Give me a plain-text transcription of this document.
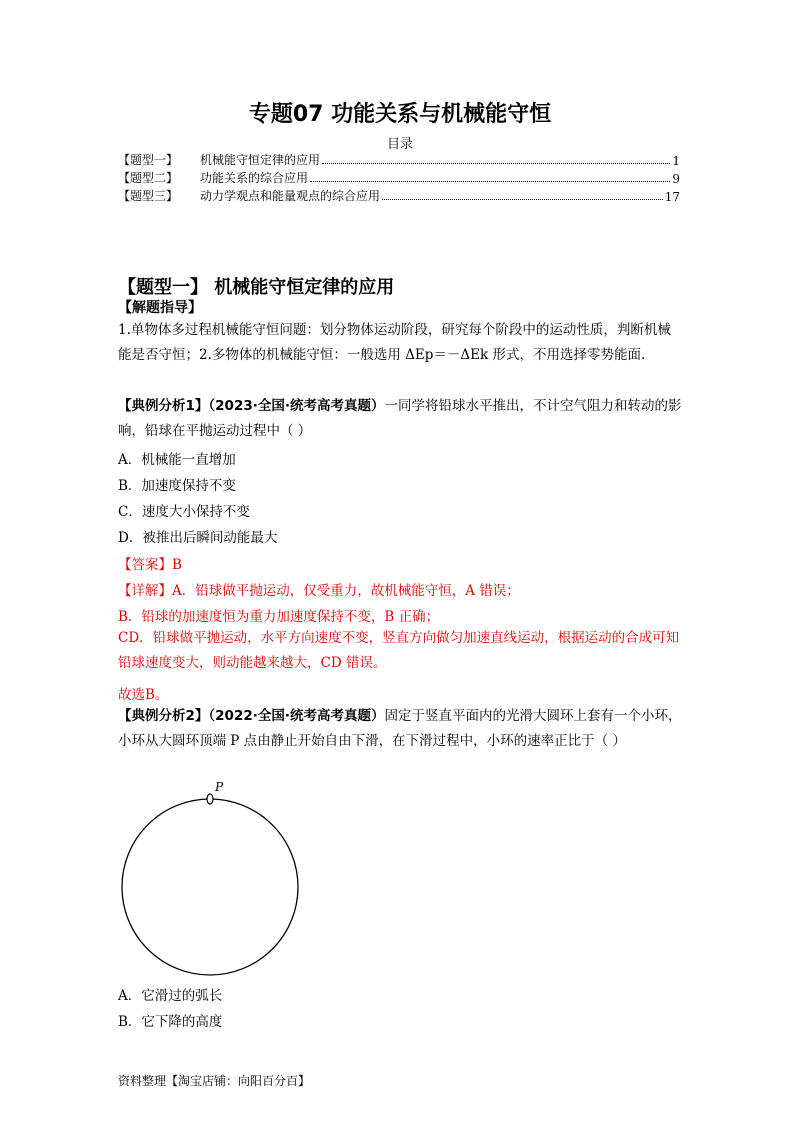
专题07 功能关系与机械能守恒
目录
【题型一】	机械能守恒定律的应用	1
【题型二】	功能关系的综合应用	9
【题型三】	动力学观点和能量观点的综合应用	17
【题型一】 机械能守恒定律的应用
【解题指导】
1.单物体多过程机械能守恒问题：划分物体运动阶段，研究每个阶段中的运动性质，判断机械能是否守恒；2.多物体的机械能守恒：一般选用 ΔEp＝－ΔEk 形式，不用选择零势能面.
【典例分析1】（2023·全国·统考高考真题）一同学将铅球水平推出，不计空气阻力和转动的影响，铅球在平抛运动过程中（ ）
A．机械能一直增加
B．加速度保持不变
C．速度大小保持不变
D．被推出后瞬间动能最大
【答案】B
【详解】A．铅球做平抛运动，仅受重力，故机械能守恒，A 错误；
B．铅球的加速度恒为重力加速度保持不变，B 正确；
CD．铅球做平抛运动，水平方向速度不变，竖直方向做匀加速直线运动，根据运动的合成可知铅球速度变大，则动能越来越大，CD 错误。
故选B。
【典例分析2】（2022·全国·统考高考真题）固定于竖直平面内的光滑大圆环上套有一个小环，小环从大圆环顶端 P 点由静止开始自由下滑，在下滑过程中，小环的速率正比于（ ）
P
A．它滑过的弧长
B．它下降的高度
资料整理【淘宝店铺：向阳百分百】
